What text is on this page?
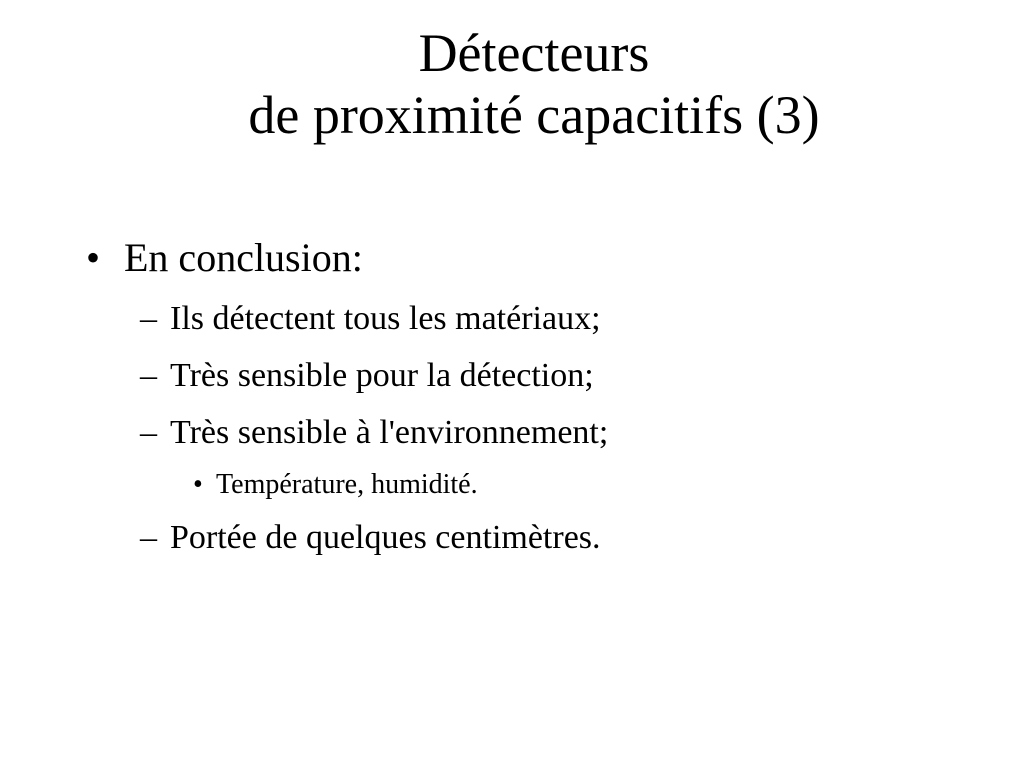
Détecteurs
de proximité capacitifs (3)
• En conclusion:
– Ils détectent tous les matériaux;
– Très sensible pour la détection;
– Très sensible à l'environnement;
• Température, humidité.
– Portée de quelques centimètres.
